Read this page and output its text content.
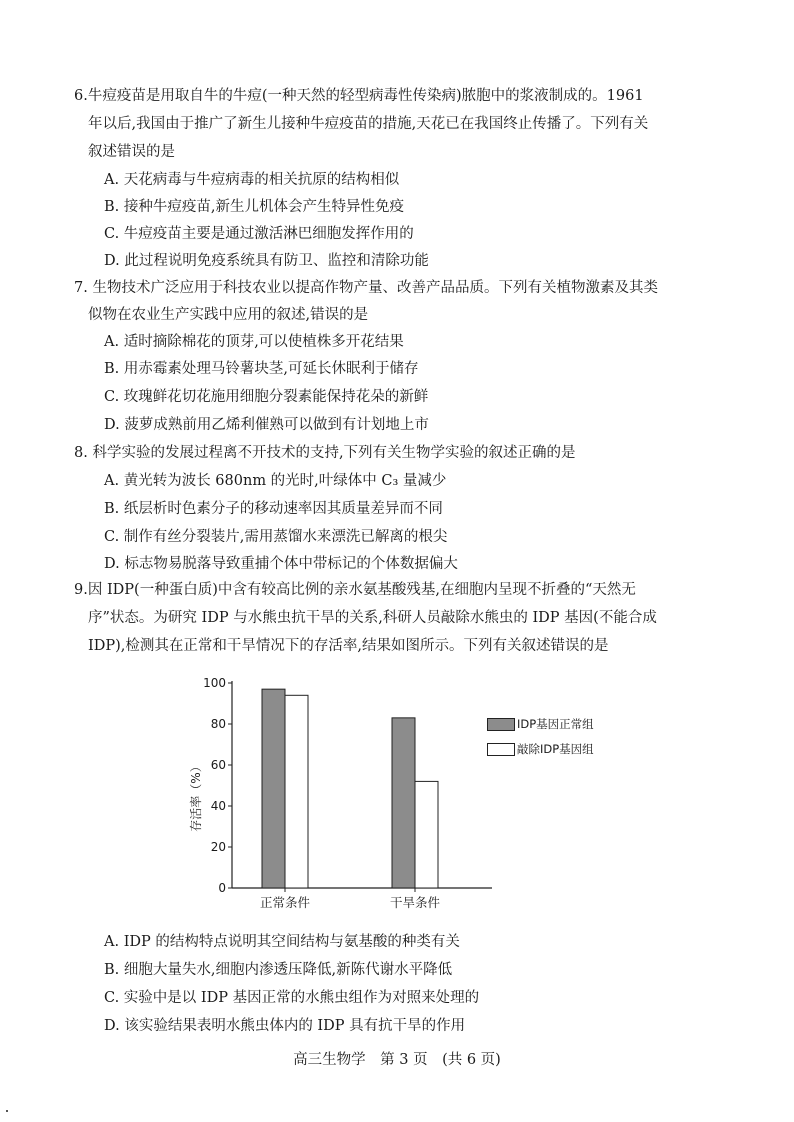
6.牛痘疫苗是用取自牛的牛痘(一种天然的轻型病毒性传染病)脓胞中的浆液制成的。1961
年以后,我国由于推广了新生儿接种牛痘疫苗的措施,天花已在我国终止传播了。下列有关
叙述错误的是
A. 天花病毒与牛痘病毒的相关抗原的结构相似
B. 接种牛痘疫苗,新生儿机体会产生特异性免疫
C. 牛痘疫苗主要是通过激活淋巴细胞发挥作用的
D. 此过程说明免疫系统具有防卫、监控和清除功能
7. 生物技术广泛应用于科技农业以提高作物产量、改善产品品质。下列有关植物激素及其类
似物在农业生产实践中应用的叙述,错误的是
A. 适时摘除棉花的顶芽,可以使植株多开花结果
B. 用赤霉素处理马铃薯块茎,可延长休眠利于储存
C. 玫瑰鲜花切花施用细胞分裂素能保持花朵的新鲜
D. 菠萝成熟前用乙烯利催熟可以做到有计划地上市
8. 科学实验的发展过程离不开技术的支持,下列有关生物学实验的叙述正确的是
A. 黄光转为波长 680nm 的光时,叶绿体中 C₃ 量减少
B. 纸层析时色素分子的移动速率因其质量差异而不同
C. 制作有丝分裂装片,需用蒸馏水来漂洗已解离的根尖
D. 标志物易脱落导致重捕个体中带标记的个体数据偏大
9.因 IDP(一种蛋白质)中含有较高比例的亲水氨基酸残基,在细胞内呈现不折叠的“天然无
序”状态。为研究 IDP 与水熊虫抗干旱的关系,科研人员敲除水熊虫的 IDP 基因(不能合成
IDP),检测其在正常和干旱情况下的存活率,结果如图所示。下列有关叙述错误的是
0
20
40
60
80
100
正常条件	干旱条件
存活率（%）
IDP基因正常组
敲除IDP基因组
A. IDP 的结构特点说明其空间结构与氨基酸的种类有关
B. 细胞大量失水,细胞内渗透压降低,新陈代谢水平降低
C. 实验中是以 IDP 基因正常的水熊虫组作为对照来处理的
D. 该实验结果表明水熊虫体内的 IDP 具有抗干旱的作用
高三生物学　第 3 页　(共 6 页)
